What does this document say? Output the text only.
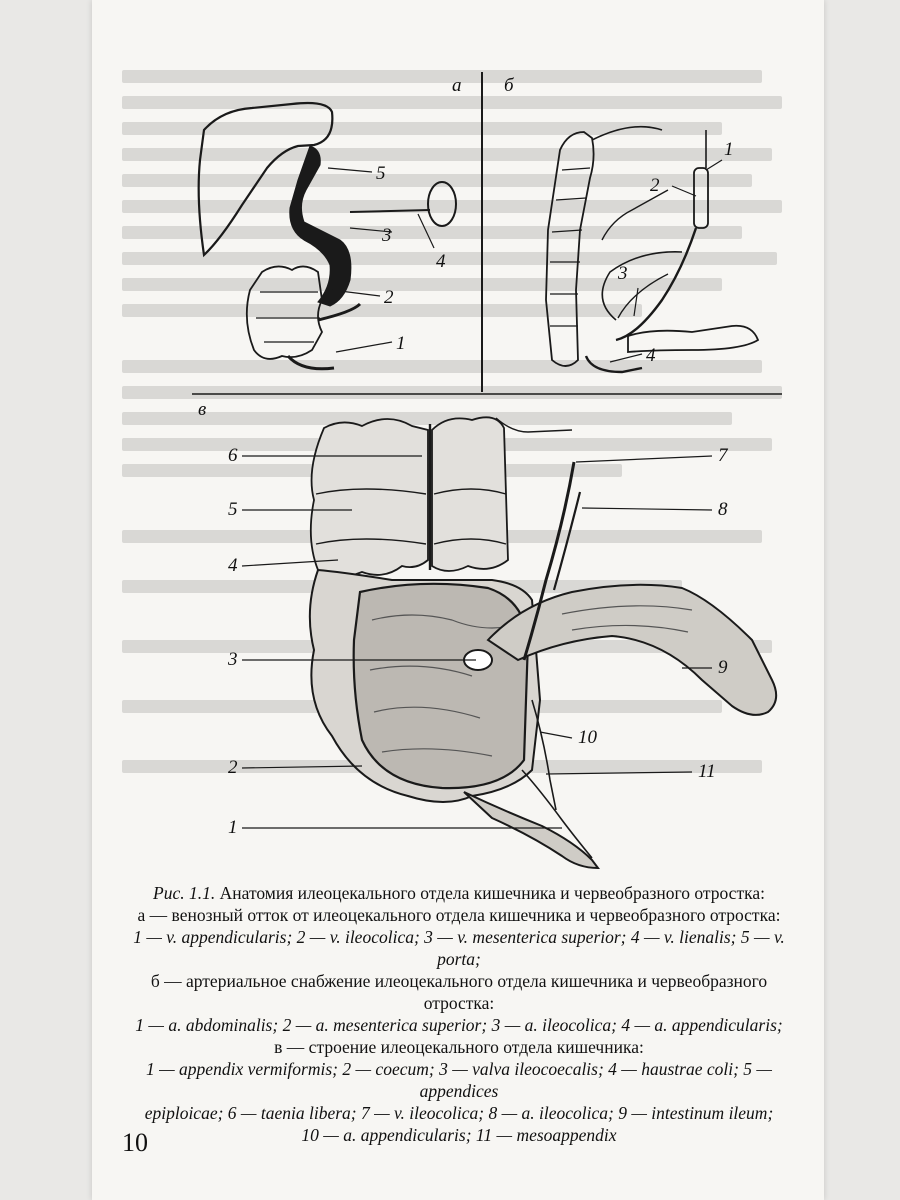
а б
в
1
2
3
4
5
1
2
3
4
1
2
3
4
5
6	7
8
9
10
11
Рис. 1.1. Анатомия илеоцекального отдела кишечника и червеобразного отростка:
а — венозный отток от илеоцекального отдела кишечника и червеобразного отростка:
1 — v. appendicularis; 2 — v. ileocolica; 3 — v. mesenterica superior; 4 — v. lienalis; 5 — v. porta;
б — артериальное снабжение илеоцекального отдела кишечника и червеобразного отростка:
1 — a. abdominalis; 2 — a. mesenterica superior; 3 — a. ileocolica; 4 — a. appendicularis;
в — строение илеоцекального отдела кишечника:
1 — appendix vermiformis; 2 — coecum; 3 — valva ileocoecalis; 4 — haustrae coli; 5 — appendices
epiploicae; 6 — taenia libera; 7 — v. ileocolica; 8 — a. ileocolica; 9 — intestinum ileum;
10 — a. appendicularis; 11 — mesoappendix
10
